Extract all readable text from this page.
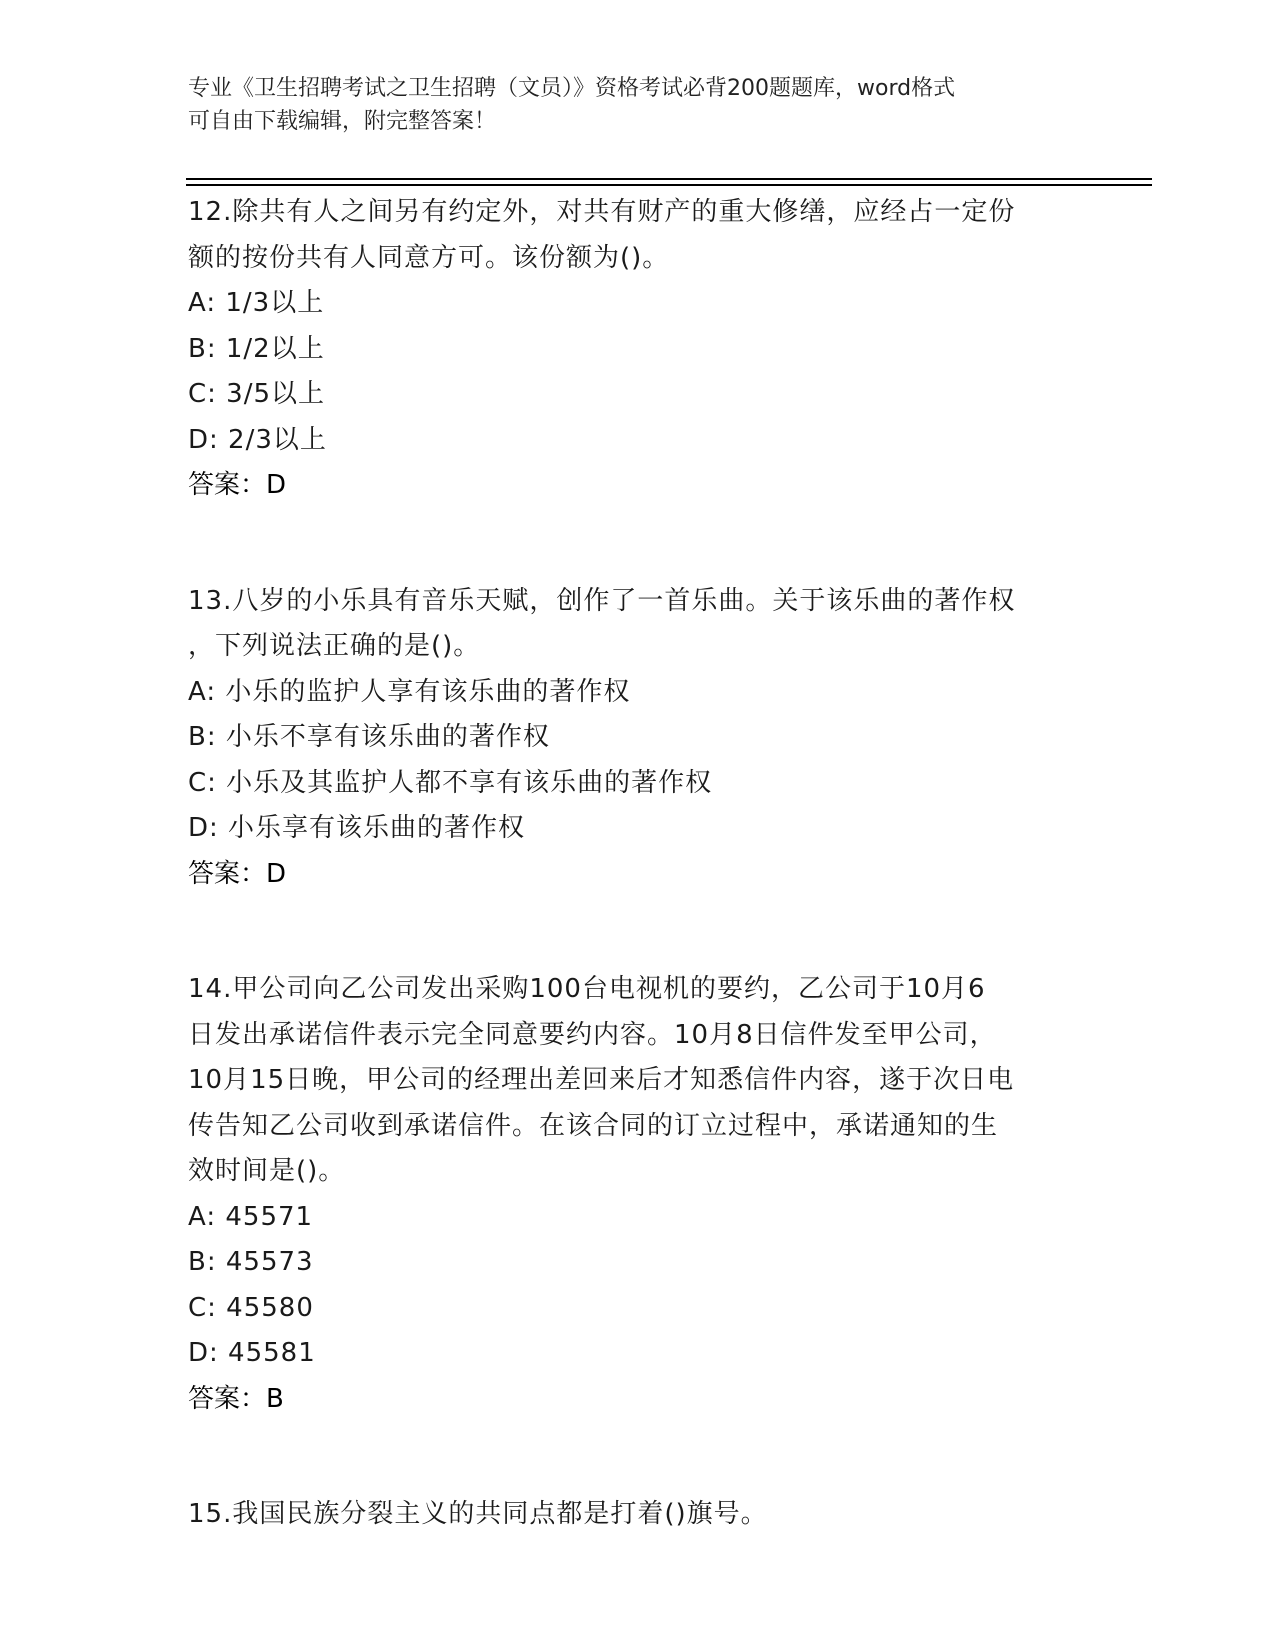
专业《卫生招聘考试之卫生招聘（文员）》资格考试必背200题题库，word格式
可自由下载编辑，附完整答案！
12.除共有人之间另有约定外，对共有财产的重大修缮，应经占一定份
额的按份共有人同意方可。该份额为()。
A: 1/3以上
B: 1/2以上
C: 3/5以上
D: 2/3以上
答案：D
13.八岁的小乐具有音乐天赋，创作了一首乐曲。关于该乐曲的著作权
，下列说法正确的是()。
A: 小乐的监护人享有该乐曲的著作权
B: 小乐不享有该乐曲的著作权
C: 小乐及其监护人都不享有该乐曲的著作权
D: 小乐享有该乐曲的著作权
答案：D
14.甲公司向乙公司发出采购100台电视机的要约，乙公司于10月6
日发出承诺信件表示完全同意要约内容。10月8日信件发至甲公司，
10月15日晚，甲公司的经理出差回来后才知悉信件内容，遂于次日电
传告知乙公司收到承诺信件。在该合同的订立过程中，承诺通知的生
效时间是()。
A: 45571
B: 45573
C: 45580
D: 45581
答案：B
15.我国民族分裂主义的共同点都是打着()旗号。
